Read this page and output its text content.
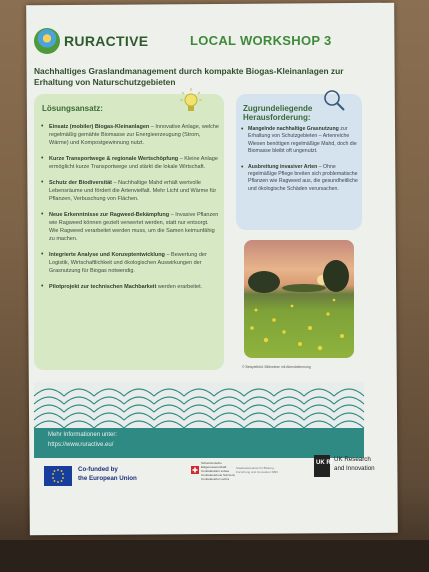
RURACTIVE	LOCAL WORKSHOP 3
Nachhaltiges Graslandmanagement durch kompakte Biogas-Kleinanlagen zur Erhaltung von Naturschutzgebieten
Lösungsansatz:
• Einsatz (mobiler) Biogas-Kleinanlagen – Innovative Anlage, welche regelmäßig gemähte Biomasse zur Energieerzeugung (Strom, Wärme) und Kompostgewinnung nutzt.
• Kurze Transportwege & regionale Wertschöpfung – Kleine Anlage ermöglicht kurze Transportwege und stärkt die lokale Wirtschaft.
• Schutz der Biodiversität – Nachhaltige Mahd erhält wertvolle Lebensräume und fördert die Artenvielfalt. Mehr Licht und Wärme für Pflanzen, Verbuschung von Flächen.
• Neue Erkenntnisse zur Ragweed-Bekämpfung – Invasive Pflanzen wie Ragweed können gezielt verwertet werden, statt nur entsorgt. Wie Ragweed verarbeitet werden muss, um die Samen keimunfähig zu machen.
• Integrierte Analyse und Konzeptentwicklung – Bewertung der Logistik, Wirtschaftlichkeit und ökologischen Auswirkungen der Grasnutzung für Biogas notwendig.
• Pilotprojekt zur technischen Machbarkeit werden erarbeitet.
Zugrundeliegende Herausforderung:
• Mangelnde nachhaltige Grasnutzung zur Erhaltung von Schutzgebieten – Artenreiche Wiesen benötigen regelmäßige Mahd, doch die Biomasse bleibt oft ungenutzt.
• Ausbreitung invasiver Arten – Ohne regelmäßige Pflege breiten sich problematische Pflanzen wie Ragweed aus, die gesundheitliche und ökologische Schäden verursachen.
© Beispielbild: Blühwiese mit Abendstimmung
Mehr Informationen unter:
https://www.ruractive.eu/
Co-funded by
the European Union
Schweizerische Eidgenossenschaft Confédération suisse Confederazione Svizzera Confederaziun svizra
Staatssekretariat für Bildung, Forschung und Innovation SBFI
UK RI UK Research
and Innovation
